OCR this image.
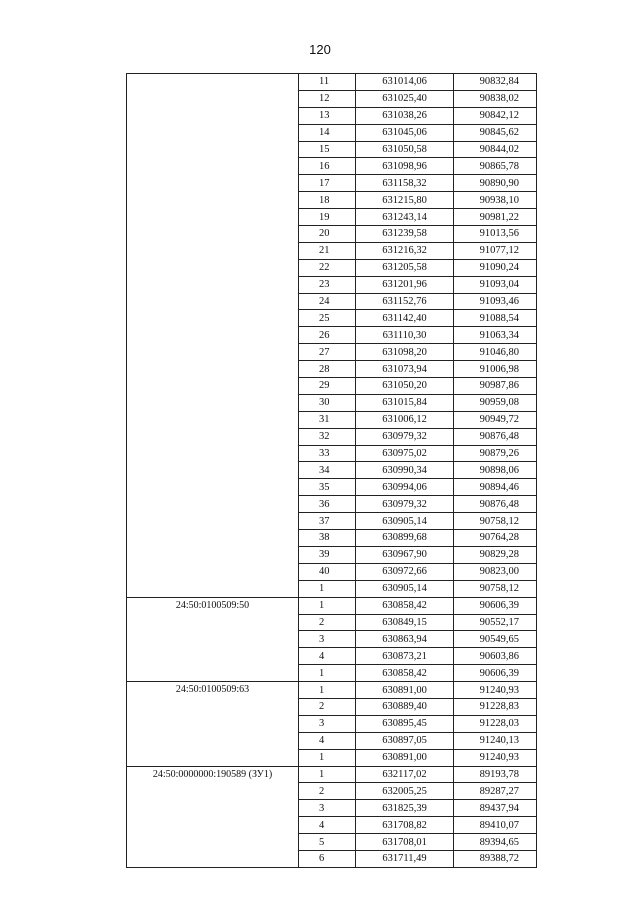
120
	11	631014,06	90832,84
	12	631025,40	90838,02
	13	631038,26	90842,12
	14	631045,06	90845,62
	15	631050,58	90844,02
	16	631098,96	90865,78
	17	631158,32	90890,90
	18	631215,80	90938,10
	19	631243,14	90981,22
	20	631239,58	91013,56
	21	631216,32	91077,12
	22	631205,58	91090,24
	23	631201,96	91093,04
	24	631152,76	91093,46
	25	631142,40	91088,54
	26	631110,30	91063,34
	27	631098,20	91046,80
	28	631073,94	91006,98
	29	631050,20	90987,86
	30	631015,84	90959,08
	31	631006,12	90949,72
	32	630979,32	90876,48
	33	630975,02	90879,26
	34	630990,34	90898,06
	35	630994,06	90894,46
	36	630979,32	90876,48
	37	630905,14	90758,12
	38	630899,68	90764,28
	39	630967,90	90829,28
	40	630972,66	90823,00
	1	630905,14	90758,12
24:50:0100509:50	1	630858,42	90606,39
	2	630849,15	90552,17
	3	630863,94	90549,65
	4	630873,21	90603,86
	1	630858,42	90606,39
24:50:0100509:63	1	630891,00	91240,93
	2	630889,40	91228,83
	3	630895,45	91228,03
	4	630897,05	91240,13
	1	630891,00	91240,93
24:50:0000000:190589 (ЗУ1)	1	632117,02	89193,78
	2	632005,25	89287,27
	3	631825,39	89437,94
	4	631708,82	89410,07
	5	631708,01	89394,65
	6	631711,49	89388,72
